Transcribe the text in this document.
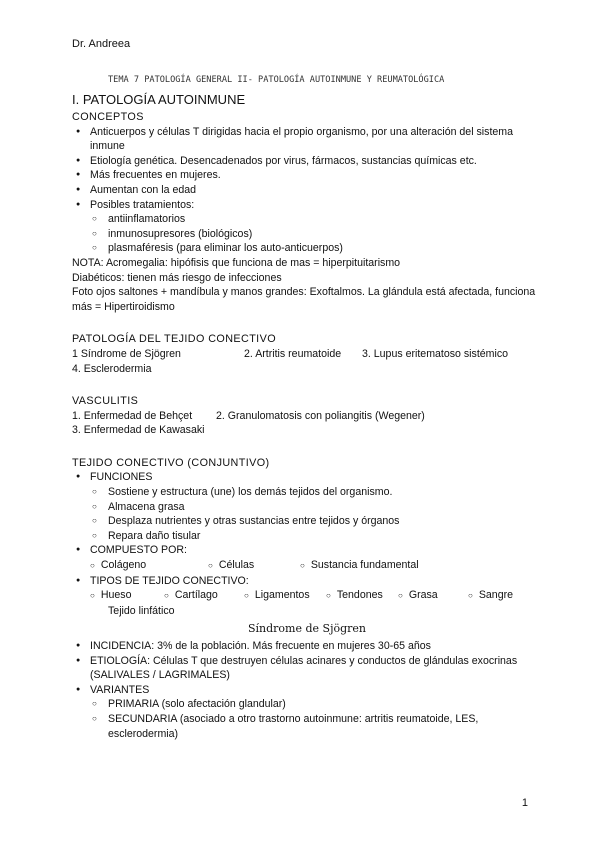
Dr. Andreea
TEMA 7 PATOLOGÍA GENERAL II- PATOLOGÍA AUTOINMUNE Y REUMATOLÓGICA
I. PATOLOGÍA AUTOINMUNE
CONCEPTOS
● Anticuerpos y células T dirigidas hacia el propio organismo, por una alteración del sistema inmune
● Etiología genética. Desencadenados por virus, fármacos, sustancias químicas etc.
● Más frecuentes en mujeres.
● Aumentan con la edad
● Posibles tratamientos:
○ antiinflamatorios
○ inmunosupresores (biológicos)
○ plasmaféresis (para eliminar los auto-anticuerpos)
NOTA: Acromegalia: hipófisis que funciona de mas = hiperpituitarismo
Diabéticos: tienen más riesgo de infecciones
Foto ojos saltones + mandíbula y manos grandes: Exoftalmos. La glándula está afectada, funciona más = Hipertiroidismo
PATOLOGÍA DEL TEJIDO CONECTIVO
1 Síndrome de Sjögren	2. Artritis reumatoide	3. Lupus eritematoso sistémico
4. Esclerodermia
VASCULITIS
1. Enfermedad de Behçet	2. Granulomatosis con poliangitis (Wegener)
3. Enfermedad de Kawasaki
TEJIDO CONECTIVO (CONJUNTIVO)
● FUNCIONES
○ Sostiene y estructura (une) los demás tejidos del organismo.
○ Almacena grasa
○ Desplaza nutrientes y otras sustancias entre tejidos y órganos
○ Repara daño tisular
● COMPUESTO POR:
○ Colágeno	○ Células	○ Sustancia fundamental
● TIPOS DE TEJIDO CONECTIVO:
○ Hueso	○ Cartílago	○ Ligamentos	○ Tendones	○ Grasa	○ Sangre
Tejido linfático
Síndrome de Sjögren
● INCIDENCIA: 3% de la población. Más frecuente en mujeres 30-65 años
● ETIOLOGÍA: Células T que destruyen células acinares y conductos de glándulas exocrinas (SALIVALES / LAGRIMALES)
● VARIANTES
○ PRIMARIA (solo afectación glandular)
○ SECUNDARIA (asociado a otro trastorno autoinmune: artritis reumatoide, LES, esclerodermia)
1
